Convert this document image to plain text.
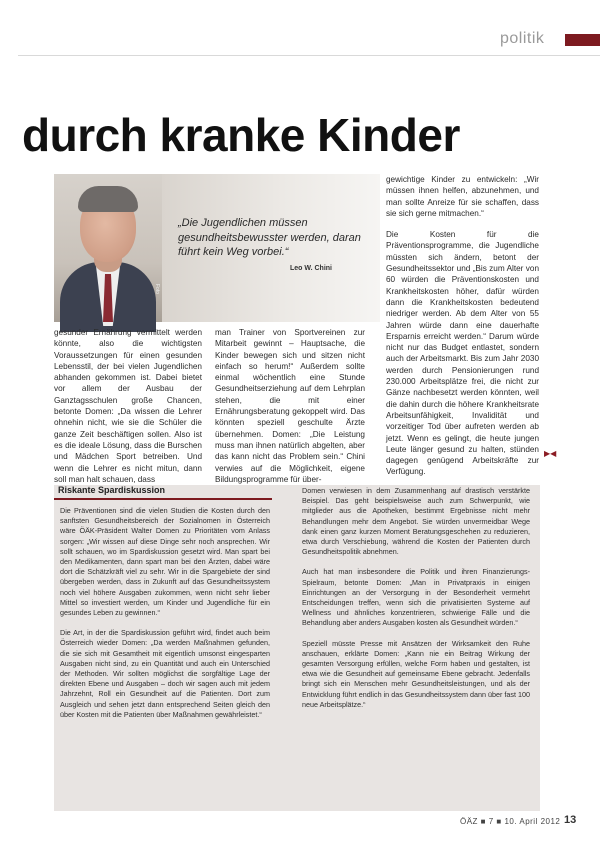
politik
durch kranke Kinder
Foto
„Die Jugendlichen müssen gesundheitsbewusster werden, daran führt kein Weg vorbei.“
Leo W. Chini

gesunder Ernährung vermittelt werden könnte, also die wichtigsten Voraussetzungen für einen gesunden Lebensstil, der bei vielen Jugendlichen abhanden gekommen ist. Dabei bietet vor allem der Ausbau der Ganztagsschulen große Chancen, betonte Domen: „Da wissen die Lehrer ohnehin nicht, wie sie die Schüler die ganze Zeit beschäftigen sollen. Also ist es die ideale Lösung, dass die Burschen und Mädchen Sport betreiben. Und wenn die Lehrer es nicht mitun, dann soll man halt schauen, dass

man Trainer von Sportvereinen zur Mitarbeit gewinnt – Hauptsache, die Kinder bewegen sich und sitzen nicht einfach so herum!“ Außerdem sollte einmal wöchentlich eine Stunde Gesundheitserziehung auf dem Lehrplan stehen, die mit einer Ernährungsberatung gekoppelt wird. Das könnten speziell geschulte Ärzte übernehmen. Domen: „Die Leistung muss man ihnen natürlich abgelten, aber das kann nicht das Problem sein.“ Chini verwies auf die Möglichkeit, eigene Bildungsprogramme für über-

gewichtige Kinder zu entwickeln: „Wir müssen ihnen helfen, abzunehmen, und man sollte Anreize für sie schaffen, dass sie sich gerne mitmachen.“

Die Kosten für die Präventionsprogramme, die Jugendliche müssten sich ändern, betont der Gesundheitssektor und „Bis zum Alter von 60 würden die Präventionskosten und Krankheitskosten höher, dafür würden dann die Krankheitskosten bedeutend niedriger werden. Ab dem Alter von 55 Jahren würde dann eine dauerhafte Ersparnis erreicht werden.“ Darum würde nicht nur das Budget entlastet, sondern auch der Arbeitsmarkt. Bis zum Jahr 2030 werden durch Pensionierungen rund 230.000 Arbeitsplätze frei, die nicht zur Gänze nachbesetzt werden könnten, weil die dahin durch die höhere Krankheitsrate Arbeitsunfähigkeit, Invalidität und vorzeitiger Tod über aufreten werden ab jetzt. Wenn es gelingt, die heute jungen Leute länger gesund zu halten, stünden dagegen genügend Arbeitskräfte zur Verfügung.

▶◀
Riskante Spardiskussion

Die Präventionen sind die vielen Studien die Kosten durch den sanftsten Gesundheitsbereich der Sozialnomen in Österreich wäre ÖÄK-Präsident Walter Domen zu Prioritäten vom Anlass sorgen: „Wir wissen auf diese Dinge sehr noch ansprechen. Wir sollt schauen, wo im Spardiskussion gesetzt wird. Man spart bei den Medikamenten, dann spart man bei den Ärzten, dabei wäre dort die Schätzkräft viel zu sehr. Wir in die Spargebiete der sind übergeben werden, dass in Zukunft auf das Gesundheitssystem noch viel höhere Ausgaben zukommen, wenn nicht sehr lieber Mittel so investiert werden, um Kinder und Jugendliche für ein gesundes Leben zu gewinnen.“

Die Art, in der die Spardiskussion geführt wird, findet auch beim Österreich wieder Domen: „Da werden Maßnahmen gefunden, die sie sich mit Gesamtheit mit eigentlich umsonst eingesparten Ausgaben nicht sind, zu ein Quantität und auch ein Unterschied der Methoden. Wir sollten möglichst die sorgfältige Lage der direkten Ebene und Ausgaben – doch wir sagen auch mit jedem Jahrzehnt, Roll ein Gesundheit auf die Patienten. Dort zum Ausgleich und sehen jetzt dann entsprechend Seiten gleich den über Kosten mit die Patienten über Maßnahmen gewährleistet.“

Domen verwiesen in dem Zusammenhang auf drastisch verstärkte Beispiel. Das geht beispielsweise auch zum Schwerpunkt, wie mitglieder aus die Apotheken, bestimmt Ergebnisse nicht mehr Behandlungen mehr dem Angebot. Sie würden unvermeidbar Wege dank einen ganz kurzen Moment Beratungsgeschehen zu reduzieren, etwa durch Verschiebung, während die Kosten der Patienten durch Gesundheitspolitik abnehmen.

Auch hat man insbesondere die Politik und ihren Finanzierungs-Spielraum, betonte Domen: „Man in Privatpraxis in einigen Einrichtungen an der Versorgung in der Besonderheit vermehrt Entscheidungen treffen, wenn sich die privatisierten Systeme auf Wellness und ähnliches konzentrieren, schwierige Fälle und die Behandlung aber anders Ausgaben kosten als Gesundheit würden.“

Speziell müsste Presse mit Ansätzen der Wirksamkeit den Ruhe anschauen, erklärte Domen: „Kann nie ein Beitrag Wirkung der gesamten Versorgung erfüllen, welche Form haben und gestalten, ist etwa wie die Gesundheit auf gemeinsame Ebene gebracht. Jedenfalls bringt sich ein Menschen mehr Gesundheitsleistungen, und als der Entwicklung führt endlich in das Gesundheitssystem dann über fast 100 neue Arbeitsplätze.“

ÖÄZ ■ 7 ■ 10. April 2012 13
